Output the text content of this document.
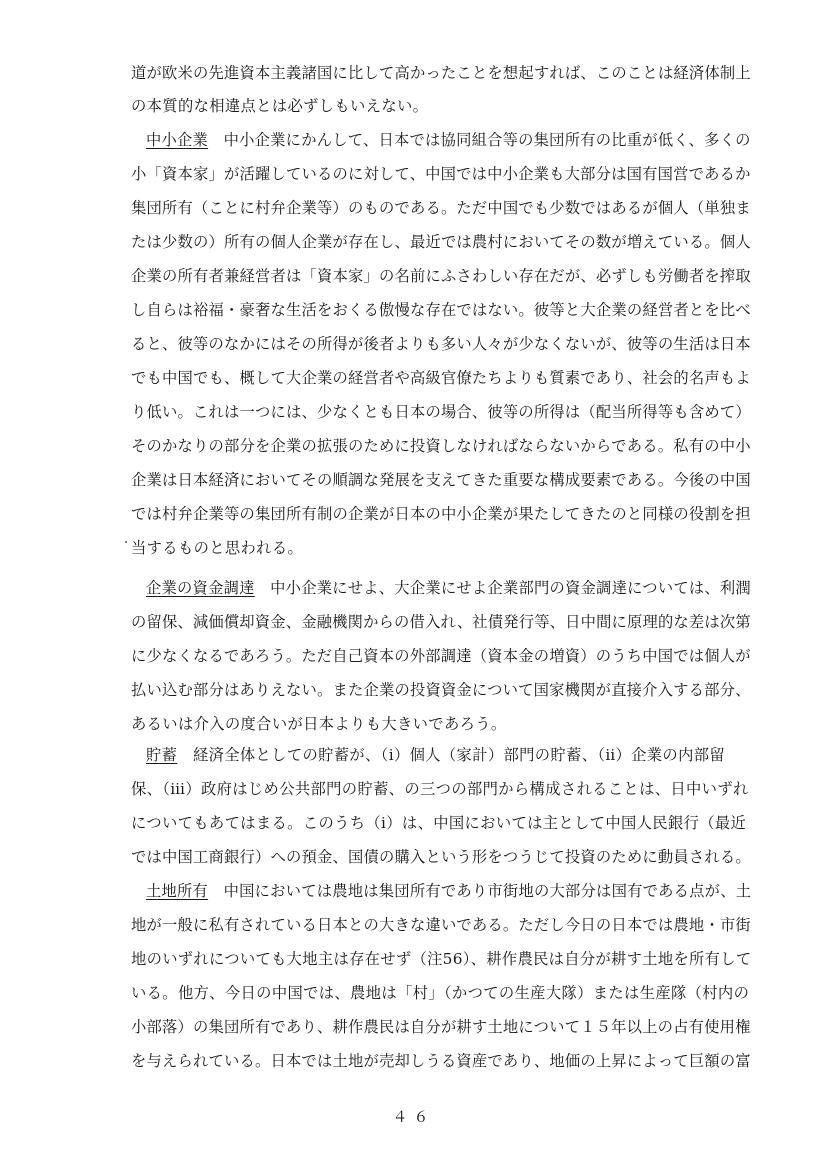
道が欧米の先進資本主義諸国に比して高かったことを想起すれば、このことは経済体制上
の本質的な相違点とは必ずしもいえない。
中小企業　中小企業にかんして、日本では協同組合等の集団所有の比重が低く、多くの
小「資本家」が活躍しているのに対して、中国では中小企業も大部分は国有国営であるか
集団所有（ことに村弁企業等）のものである。ただ中国でも少数ではあるが個人（単独ま
たは少数の）所有の個人企業が存在し、最近では農村においてその数が増えている。個人
企業の所有者兼経営者は「資本家」の名前にふさわしい存在だが、必ずしも労働者を搾取
し自らは裕福・豪奢な生活をおくる傲慢な存在ではない。彼等と大企業の経営者とを比べ
ると、彼等のなかにはその所得が後者よりも多い人々が少なくないが、彼等の生活は日本
でも中国でも、概して大企業の経営者や高級官僚たちよりも質素であり、社会的名声もよ
り低い。これは一つには、少なくとも日本の場合、彼等の所得は（配当所得等も含めて）
そのかなりの部分を企業の拡張のために投資しなければならないからである。私有の中小
企業は日本経済においてその順調な発展を支えてきた重要な構成要素である。今後の中国
では村弁企業等の集団所有制の企業が日本の中小企業が果たしてきたのと同様の役割を担
当するものと思われる。
企業の資金調達　中小企業にせよ、大企業にせよ企業部門の資金調達については、利潤
の留保、減価償却資金、金融機関からの借入れ、社債発行等、日中間に原理的な差は次第
に少なくなるであろう。ただ自己資本の外部調達（資本金の増資）のうち中国では個人が
払い込む部分はありえない。また企業の投資資金について国家機関が直接介入する部分、
あるいは介入の度合いが日本よりも大きいであろう。
貯蓄　経済全体としての貯蓄が、（ⅰ）個人（家計）部門の貯蓄、（ⅱ）企業の内部留
保、（ⅲ）政府はじめ公共部門の貯蓄、の三つの部門から構成されることは、日中いずれ
についてもあてはまる。このうち（ⅰ）は、中国においては主として中国人民銀行（最近
では中国工商銀行）への預金、国債の購入という形をつうじて投資のために動員される。
土地所有　中国においては農地は集団所有であり市街地の大部分は国有である点が、土
地が一般に私有されている日本との大きな違いである。ただし今日の日本では農地・市街
地のいずれについても大地主は存在せず（注56）、耕作農民は自分が耕す土地を所有して
いる。他方、今日の中国では、農地は「村」（かつての生産大隊）または生産隊（村内の
小部落）の集団所有であり、耕作農民は自分が耕す土地について１５年以上の占有使用権
を与えられている。日本では土地が売却しうる資産であり、地価の上昇によって巨額の富
４６
